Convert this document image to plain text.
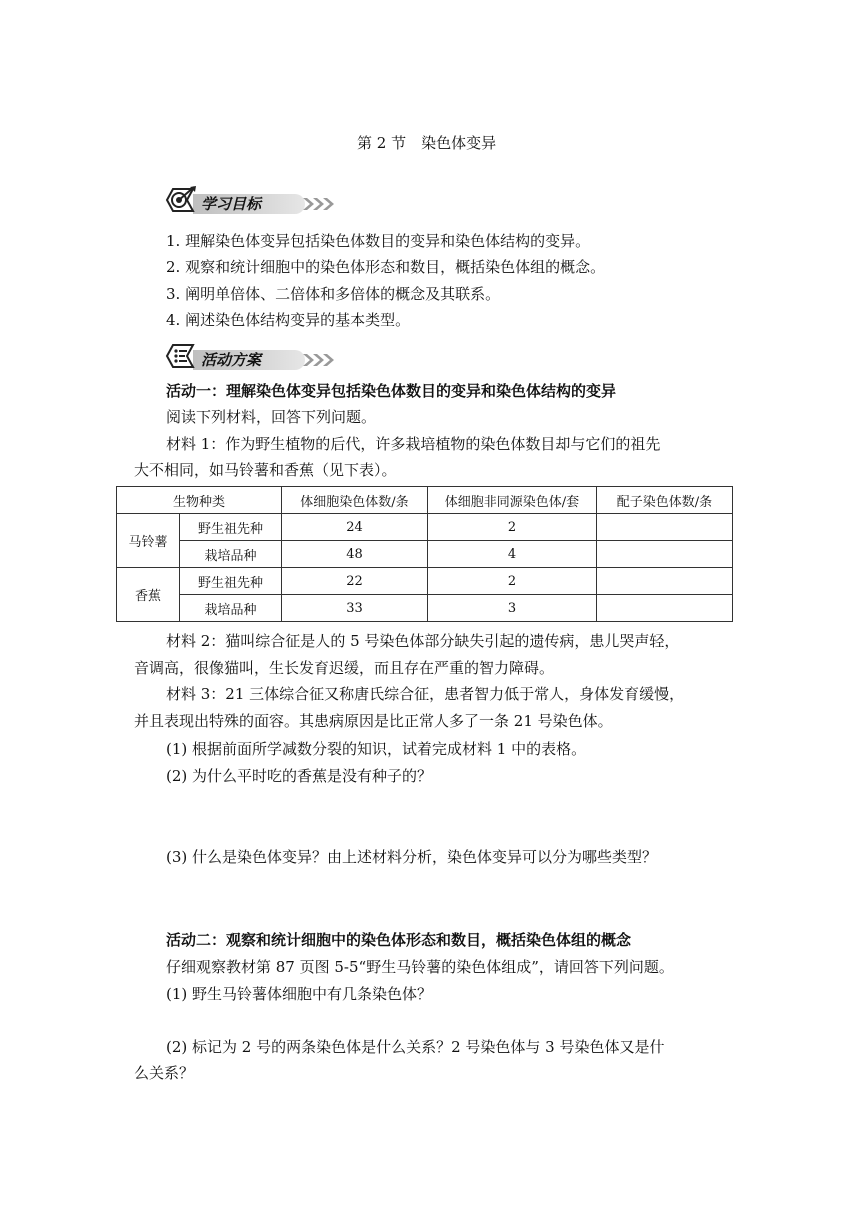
第 2 节　染色体变异
学习目标
1. 理解染色体变异包括染色体数目的变异和染色体结构的变异。
2. 观察和统计细胞中的染色体形态和数目，概括染色体组的概念。
3. 阐明单倍体、二倍体和多倍体的概念及其联系。
4. 阐述染色体结构变异的基本类型。
活动方案
活动一：理解染色体变异包括染色体数目的变异和染色体结构的变异
阅读下列材料，回答下列问题。
材料 1：作为野生植物的后代，许多栽培植物的染色体数目却与它们的祖先
大不相同，如马铃薯和香蕉（见下表）。
生物种类		体细胞染色体数/条	体细胞非同源染色体/套	配子染色体数/条
马铃薯	野生祖先种	24	2	
	栽培品种	48	4	
香蕉	野生祖先种	22	2	
	栽培品种	33	3	
材料 2：猫叫综合征是人的 5 号染色体部分缺失引起的遗传病，患儿哭声轻，
音调高，很像猫叫，生长发育迟缓，而且存在严重的智力障碍。
材料 3：21 三体综合征又称唐氏综合征，患者智力低于常人，身体发育缓慢，
并且表现出特殊的面容。其患病原因是比正常人多了一条 21 号染色体。
(1) 根据前面所学减数分裂的知识，试着完成材料 1 中的表格。
(2) 为什么平时吃的香蕉是没有种子的？
(3) 什么是染色体变异？由上述材料分析，染色体变异可以分为哪些类型？
活动二：观察和统计细胞中的染色体形态和数目，概括染色体组的概念
仔细观察教材第 87 页图 5-5“野生马铃薯的染色体组成”，请回答下列问题。
(1) 野生马铃薯体细胞中有几条染色体？
(2) 标记为 2 号的两条染色体是什么关系？2 号染色体与 3 号染色体又是什
么关系？
